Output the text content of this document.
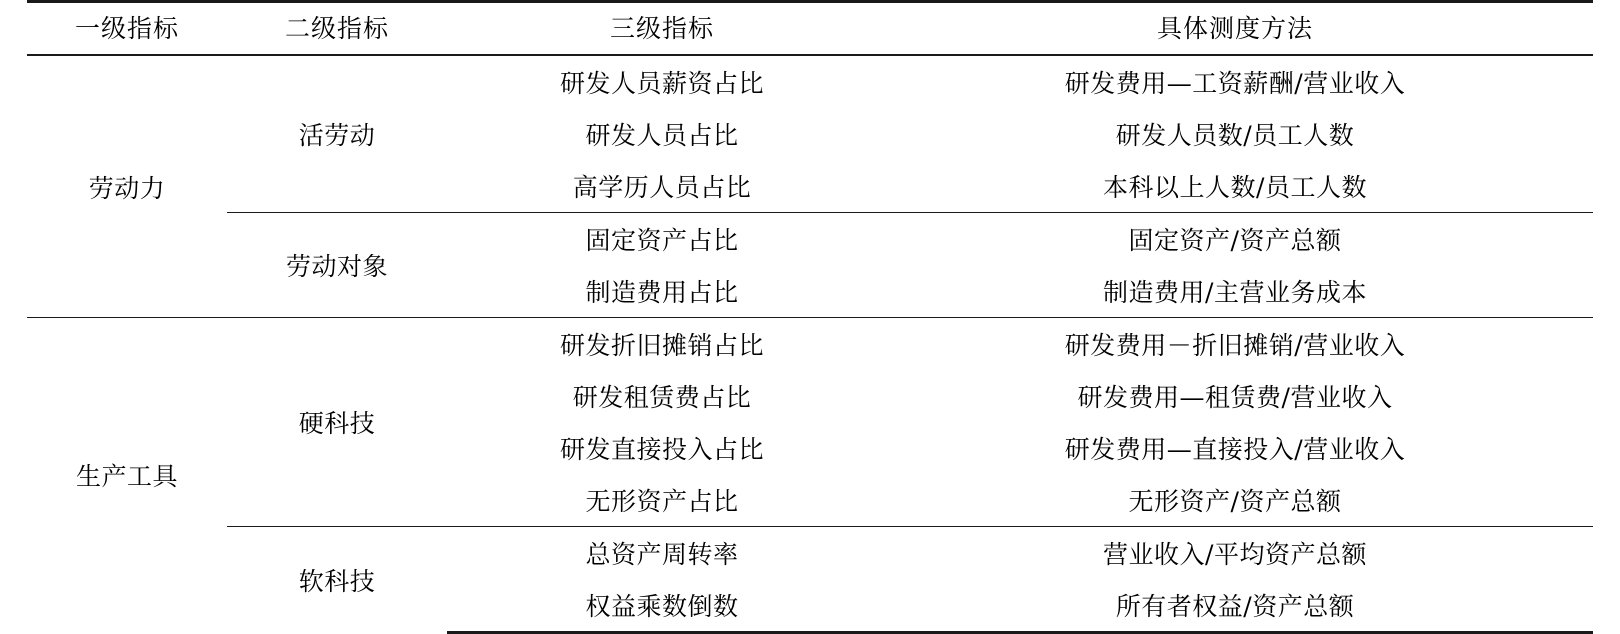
一级指标	二级指标	三级指标	具体测度方法
劳动力	活劳动	研发人员薪资占比	研发费用—工资薪酬/营业收入
		研发人员占比	研发人员数/员工人数
		高学历人员占比	本科以上人数/员工人数
	劳动对象	固定资产占比	固定资产/资产总额
		制造费用占比	制造费用/主营业务成本
生产工具	硬科技	研发折旧摊销占比	研发费用－折旧摊销/营业收入
		研发租赁费占比	研发费用—租赁费/营业收入
		研发直接投入占比	研发费用—直接投入/营业收入
		无形资产占比	无形资产/资产总额
	软科技	总资产周转率	营业收入/平均资产总额
		权益乘数倒数	所有者权益/资产总额
